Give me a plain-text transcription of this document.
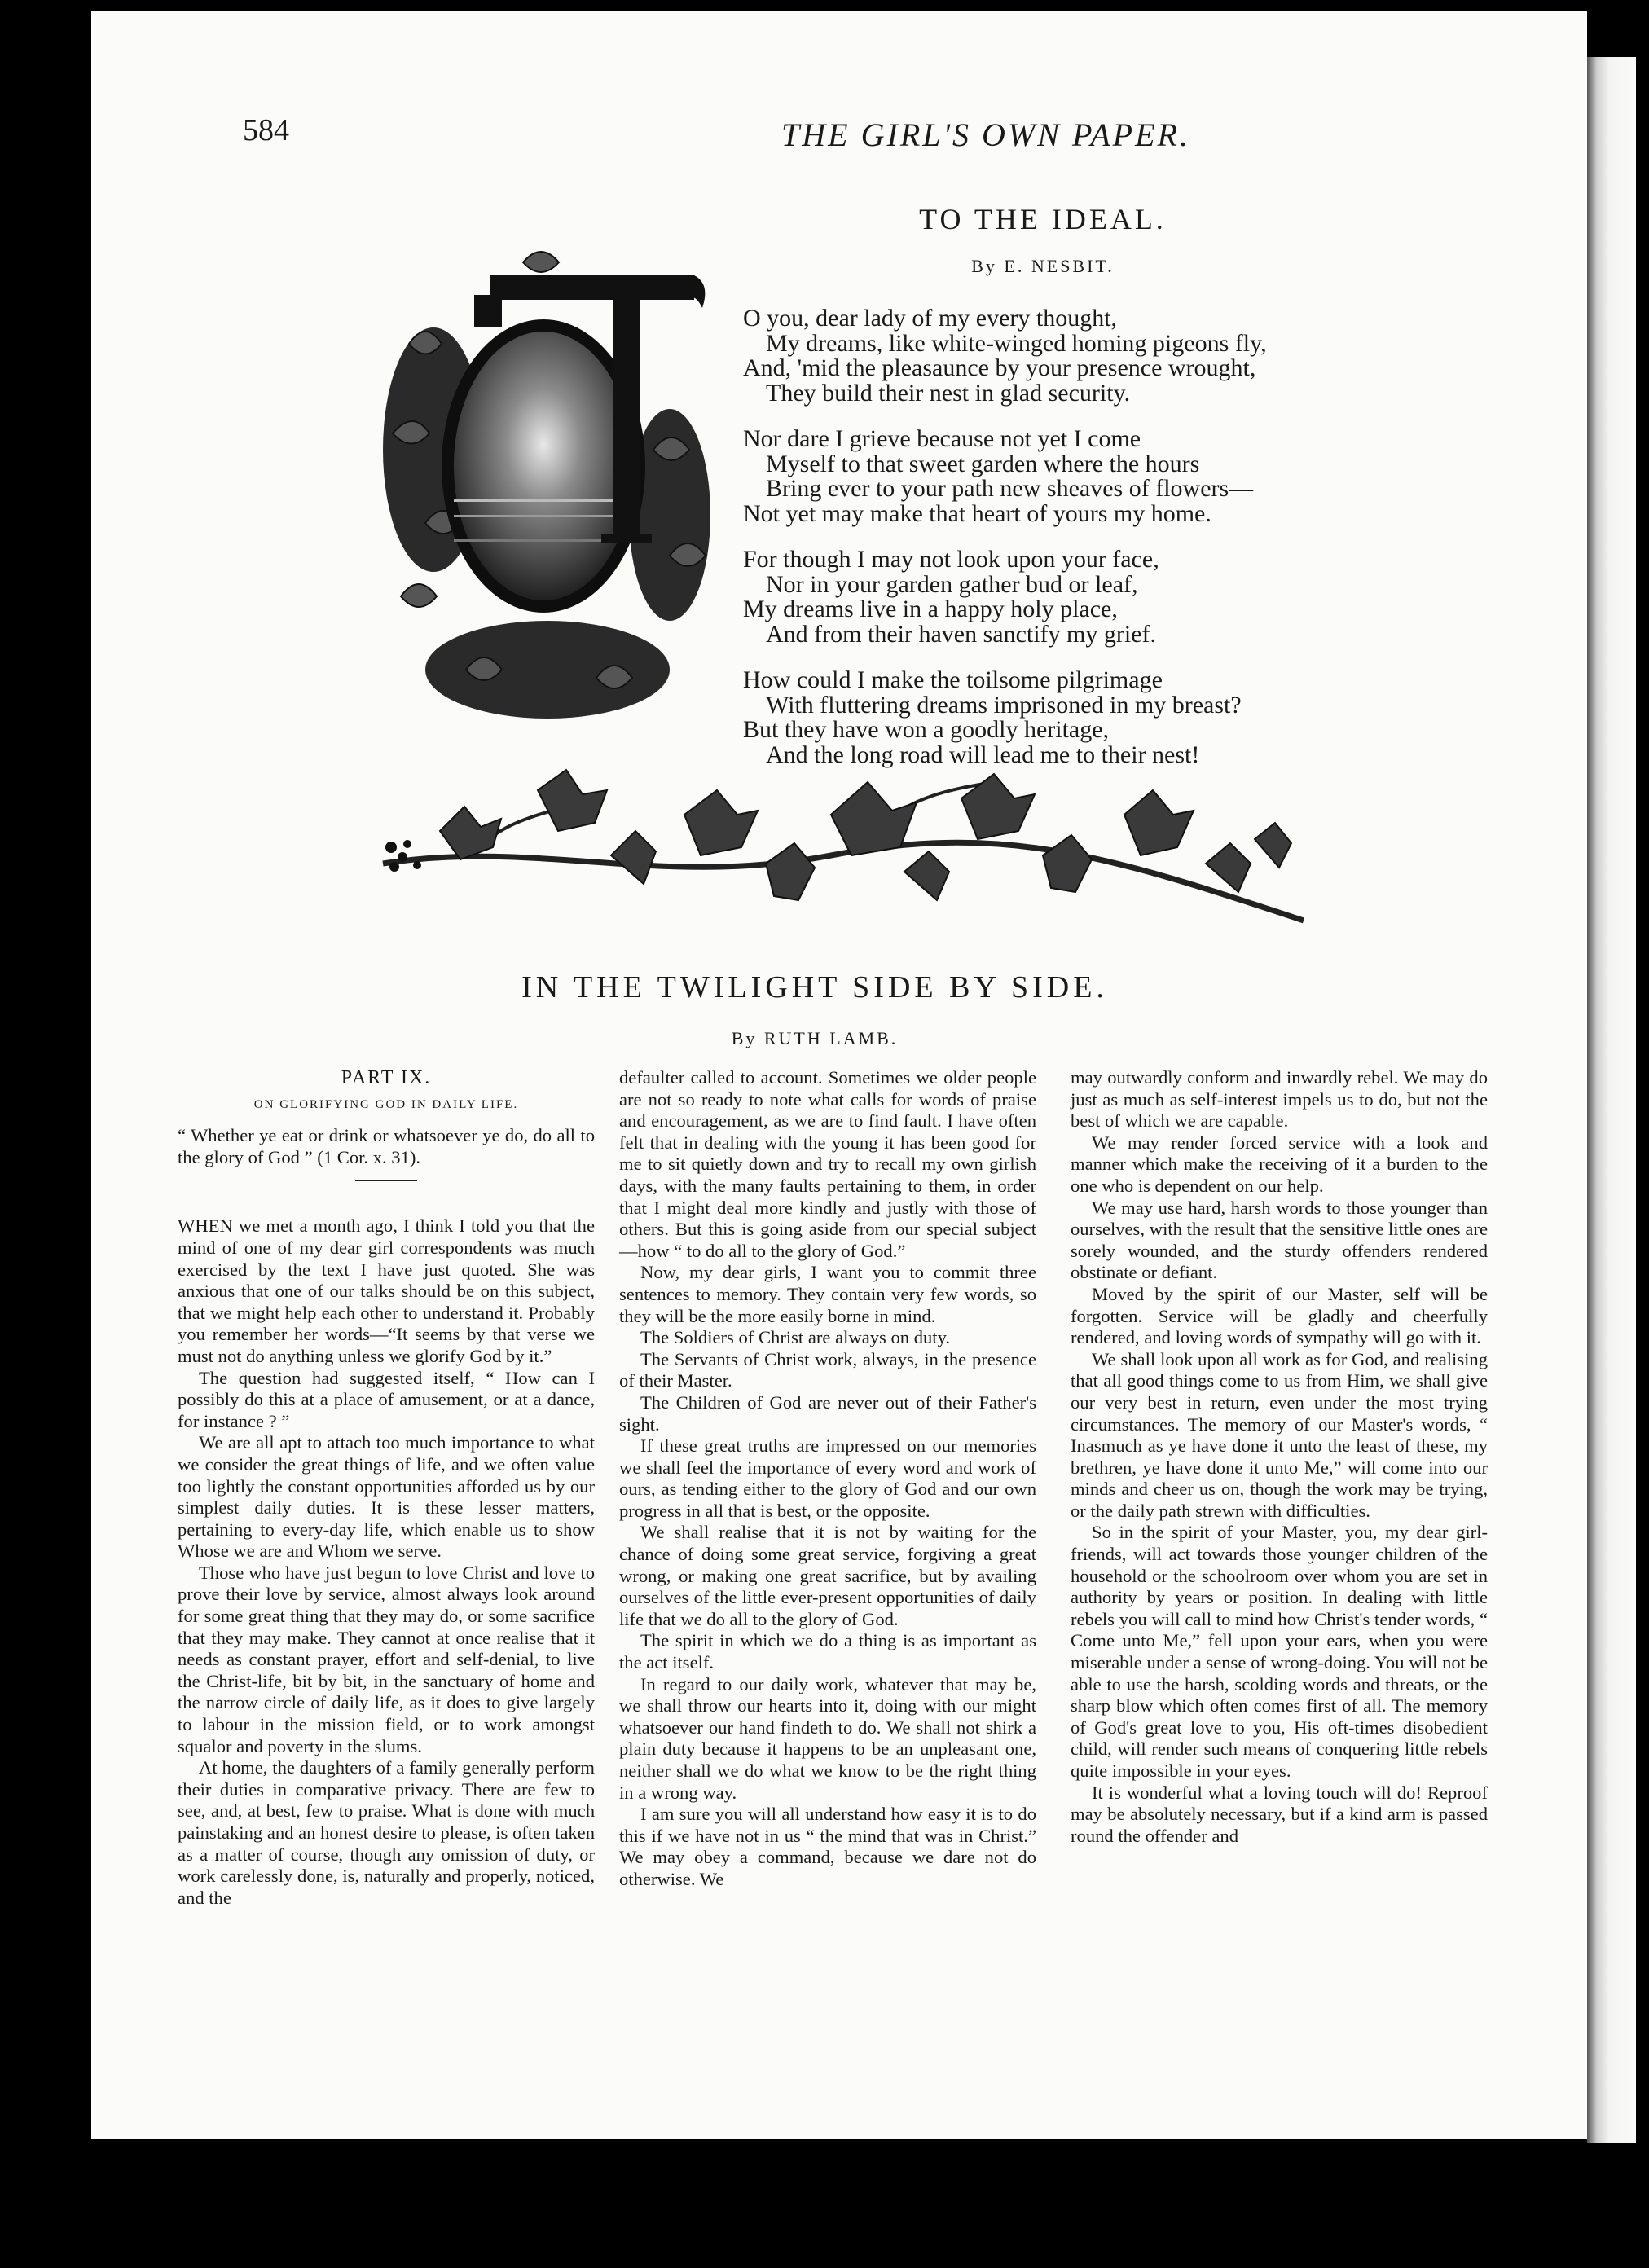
584	THE GIRL'S OWN PAPER.
TO THE IDEAL.
By E. NESBIT.
O you, dear lady of my every thought,
My dreams, like white-winged homing pigeons fly,
And, 'mid the pleasaunce by your presence wrought,
They build their nest in glad security.
Nor dare I grieve because not yet I come
Myself to that sweet garden where the hours
Bring ever to your path new sheaves of flowers—
Not yet may make that heart of yours my home.
For though I may not look upon your face,
Nor in your garden gather bud or leaf,
My dreams live in a happy holy place,
And from their haven sanctify my grief.
How could I make the toilsome pilgrimage
With fluttering dreams imprisoned in my breast?
But they have won a goodly heritage,
And the long road will lead me to their nest!
IN THE TWILIGHT SIDE BY SIDE.
By RUTH LAMB.
PART IX.
ON GLORIFYING GOD IN DAILY LIFE.
“ Whether ye eat or drink or whatsoever ye do, do all to the glory of God ” (1 Cor. x. 31).

WHEN we met a month ago, I think I told you that the mind of one of my dear girl correspondents was much exercised by the text I have just quoted. She was anxious that one of our talks should be on this subject, that we might help each other to understand it. Probably you remember her words—“It seems by that verse we must not do anything unless we glorify God by it.”

The question had suggested itself, “ How can I possibly do this at a place of amusement, or at a dance, for instance ? ”

We are all apt to attach too much importance to what we consider the great things of life, and we often value too lightly the constant opportunities afforded us by our simplest daily duties. It is these lesser matters, pertaining to every-day life, which enable us to show Whose we are and Whom we serve.

Those who have just begun to love Christ and love to prove their love by service, almost always look around for some great thing that they may do, or some sacrifice that they may make. They cannot at once realise that it needs as constant prayer, effort and self-denial, to live the Christ-life, bit by bit, in the sanctuary of home and the narrow circle of daily life, as it does to give largely to labour in the mission field, or to work amongst squalor and poverty in the slums.

At home, the daughters of a family generally perform their duties in comparative privacy. There are few to see, and, at best, few to praise. What is done with much painstaking and an honest desire to please, is often taken as a matter of course, though any omission of duty, or work carelessly done, is, naturally and properly, noticed, and the

defaulter called to account. Sometimes we older people are not so ready to note what calls for words of praise and encouragement, as we are to find fault. I have often felt that in dealing with the young it has been good for me to sit quietly down and try to recall my own girlish days, with the many faults pertaining to them, in order that I might deal more kindly and justly with those of others. But this is going aside from our special subject—how “ to do all to the glory of God.”

Now, my dear girls, I want you to commit three sentences to memory. They contain very few words, so they will be the more easily borne in mind.

The Soldiers of Christ are always on duty.

The Servants of Christ work, always, in the presence of their Master.

The Children of God are never out of their Father's sight.

If these great truths are impressed on our memories we shall feel the importance of every word and work of ours, as tending either to the glory of God and our own progress in all that is best, or the opposite.

We shall realise that it is not by waiting for the chance of doing some great service, forgiving a great wrong, or making one great sacrifice, but by availing ourselves of the little ever-present opportunities of daily life that we do all to the glory of God.

The spirit in which we do a thing is as important as the act itself.

In regard to our daily work, whatever that may be, we shall throw our hearts into it, doing with our might whatsoever our hand findeth to do. We shall not shirk a plain duty because it happens to be an unpleasant one, neither shall we do what we know to be the right thing in a wrong way.

I am sure you will all understand how easy it is to do this if we have not in us “ the mind that was in Christ.” We may obey a command, because we dare not do otherwise. We

may outwardly conform and inwardly rebel. We may do just as much as self-interest impels us to do, but not the best of which we are capable.

We may render forced service with a look and manner which make the receiving of it a burden to the one who is dependent on our help.

We may use hard, harsh words to those younger than ourselves, with the result that the sensitive little ones are sorely wounded, and the sturdy offenders rendered obstinate or defiant.

Moved by the spirit of our Master, self will be forgotten. Service will be gladly and cheerfully rendered, and loving words of sympathy will go with it.

We shall look upon all work as for God, and realising that all good things come to us from Him, we shall give our very best in return, even under the most trying circumstances. The memory of our Master's words, “ Inasmuch as ye have done it unto the least of these, my brethren, ye have done it unto Me,” will come into our minds and cheer us on, though the work may be trying, or the daily path strewn with difficulties.

So in the spirit of your Master, you, my dear girl-friends, will act towards those younger children of the household or the schoolroom over whom you are set in authority by years or position. In dealing with little rebels you will call to mind how Christ's tender words, “ Come unto Me,” fell upon your ears, when you were miserable under a sense of wrong-doing. You will not be able to use the harsh, scolding words and threats, or the sharp blow which often comes first of all. The memory of God's great love to you, His oft-times disobedient child, will render such means of conquering little rebels quite impossible in your eyes.

It is wonderful what a loving touch will do! Reproof may be absolutely necessary, but if a kind arm is passed round the offender and
